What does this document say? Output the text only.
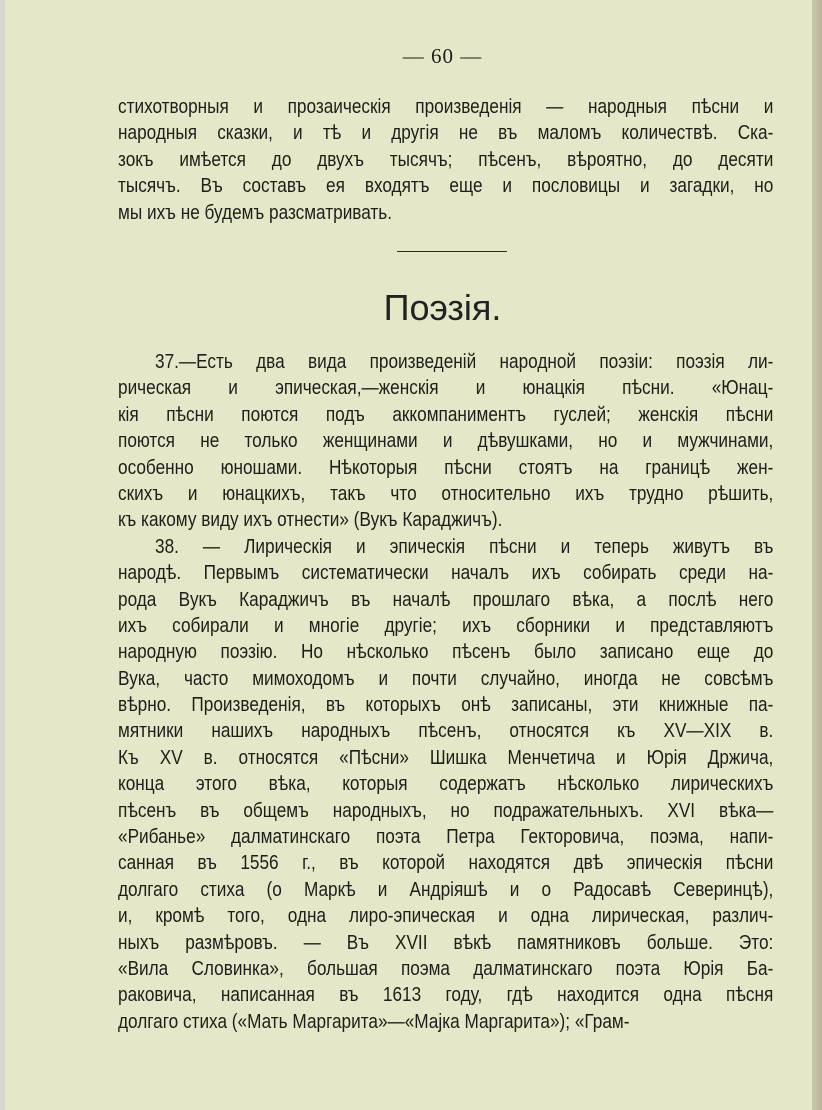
— 60 —
стихотворныя и прозаическія произведенія — народныя пѣсни и
народныя сказки, и тѣ и другія не въ маломъ количествѣ. Ска-
зокъ имѣется до двухъ тысячъ; пѣсенъ, вѣроятно, до десяти
тысячъ. Въ составъ ея входятъ еще и пословицы и загадки, но
мы ихъ не будемъ разсматривать.
Поэзія.
37.—Есть два вида произведеній народной поэзіи: поэзія ли-
рическая и эпическая,—женскія и юнацкія пѣсни. «Юнац-
кія пѣсни поются подъ аккомпаниментъ гуслей; женскія пѣсни
поются не только женщинами и дѣвушками, но и мужчинами,
особенно юношами. Нѣкоторыя пѣсни стоятъ на границѣ жен-
скихъ и юнацкихъ, такъ что относительно ихъ трудно рѣшить,
къ какому виду ихъ отнести» (Вукъ Караджичъ).
38. — Лирическія и эпическія пѣсни и теперь живутъ въ
народѣ. Первымъ систематически началъ ихъ собирать среди на-
рода Вукъ Караджичъ въ началѣ прошлаго вѣка, а послѣ него
ихъ собирали и многіе другіе; ихъ сборники и представляютъ
народную поэзію. Но нѣсколько пѣсенъ было записано еще до
Вука, часто мимоходомъ и почти случайно, иногда не совсѣмъ
вѣрно. Произведенія, въ которыхъ онѣ записаны, эти книжные па-
мятники нашихъ народныхъ пѣсенъ, относятся къ XV—XIX в.
Къ XV в. относятся «Пѣсни» Шишка Менчетича и Юрія Држича,
конца этого вѣка, которыя содержатъ нѣсколько лирическихъ
пѣсенъ въ общемъ народныхъ, но подражательныхъ. XVI вѣка—
«Рибанье» далматинскаго поэта Петра Гекторовича, поэма, напи-
санная въ 1556 г., въ которой находятся двѣ эпическія пѣсни
долгаго стиха (о Маркѣ и Андріяшѣ и о Радосавѣ Северинцѣ),
и, кромѣ того, одна лиро-эпическая и одна лирическая, различ-
ныхъ размѣровъ. — Въ XVII вѣкѣ памятниковъ больше. Это:
«Вила Словинка», большая поэма далматинскаго поэта Юрія Ба-
раковича, написанная въ 1613 году, гдѣ находится одна пѣсня
долгаго стиха («Мать Маргарита»—«Мајка Маргарита»); «Грам-
